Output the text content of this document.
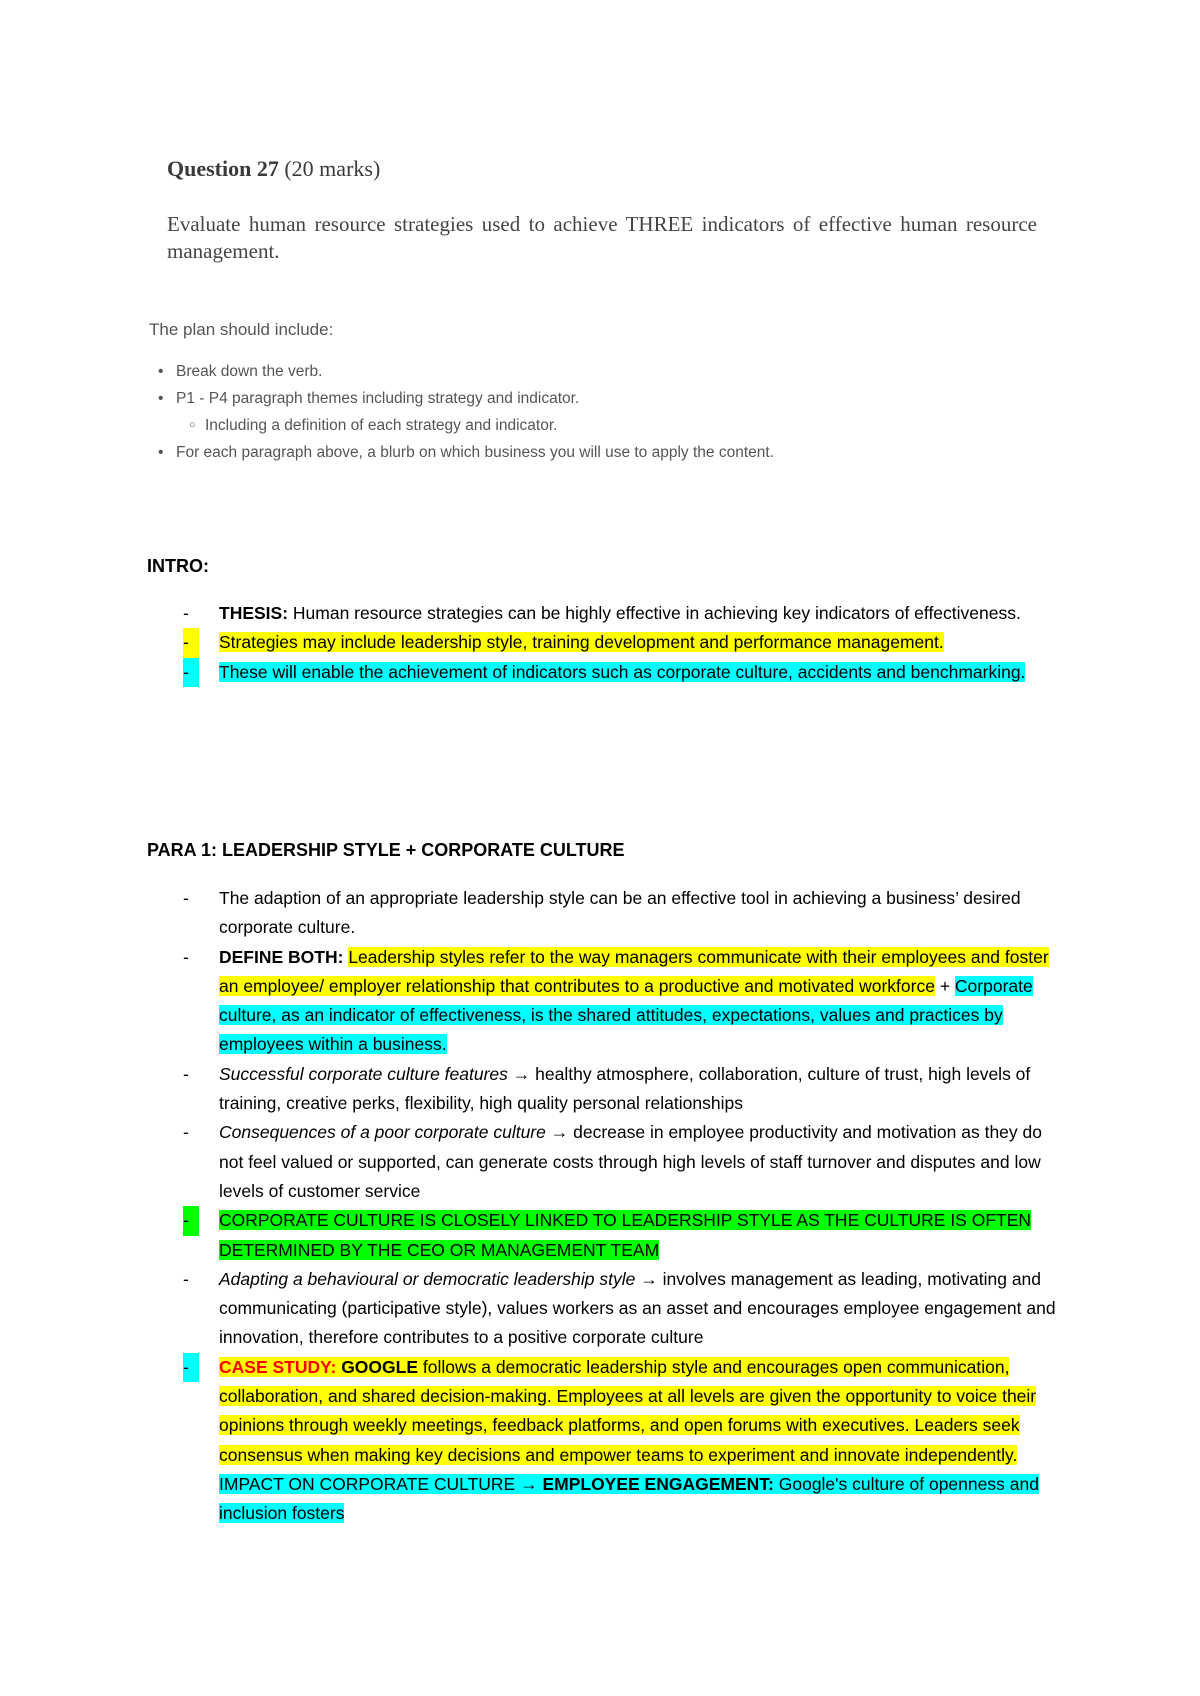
Question 27 (20 marks)
Evaluate human resource strategies used to achieve THREE indicators of effective human resource management.
The plan should include:
• Break down the verb.
• P1 - P4 paragraph themes including strategy and indicator.
○ Including a definition of each strategy and indicator.
• For each paragraph above, a blurb on which business you will use to apply the content.
INTRO:
-	THESIS: Human resource strategies can be highly effective in achieving key indicators of effectiveness.
-	Strategies may include leadership style, training development and performance management.
-	These will enable the achievement of indicators such as corporate culture, accidents and benchmarking.
PARA 1: LEADERSHIP STYLE + CORPORATE CULTURE
-	The adaption of an appropriate leadership style can be an effective tool in achieving a business’ desired corporate culture.
-	DEFINE BOTH: Leadership styles refer to the way managers communicate with their employees and foster an employee/ employer relationship that contributes to a productive and motivated workforce + Corporate culture, as an indicator of effectiveness, is the shared attitudes, expectations, values and practices by employees within a business.
-	Successful corporate culture features → healthy atmosphere, collaboration, culture of trust, high levels of training, creative perks, flexibility, high quality personal relationships
-	Consequences of a poor corporate culture → decrease in employee productivity and motivation as they do not feel valued or supported, can generate costs through high levels of staff turnover and disputes and low levels of customer service
-	CORPORATE CULTURE IS CLOSELY LINKED TO LEADERSHIP STYLE AS THE CULTURE IS OFTEN DETERMINED BY THE CEO OR MANAGEMENT TEAM
-	Adapting a behavioural or democratic leadership style → involves management as leading, motivating and communicating (participative style), values workers as an asset and encourages employee engagement and innovation, therefore contributes to a positive corporate culture
-	CASE STUDY: GOOGLE follows a democratic leadership style and encourages open communication, collaboration, and shared decision-making. Employees at all levels are given the opportunity to voice their opinions through weekly meetings, feedback platforms, and open forums with executives. Leaders seek consensus when making key decisions and empower teams to experiment and innovate independently. IMPACT ON CORPORATE CULTURE → EMPLOYEE ENGAGEMENT: Google's culture of openness and inclusion fosters
